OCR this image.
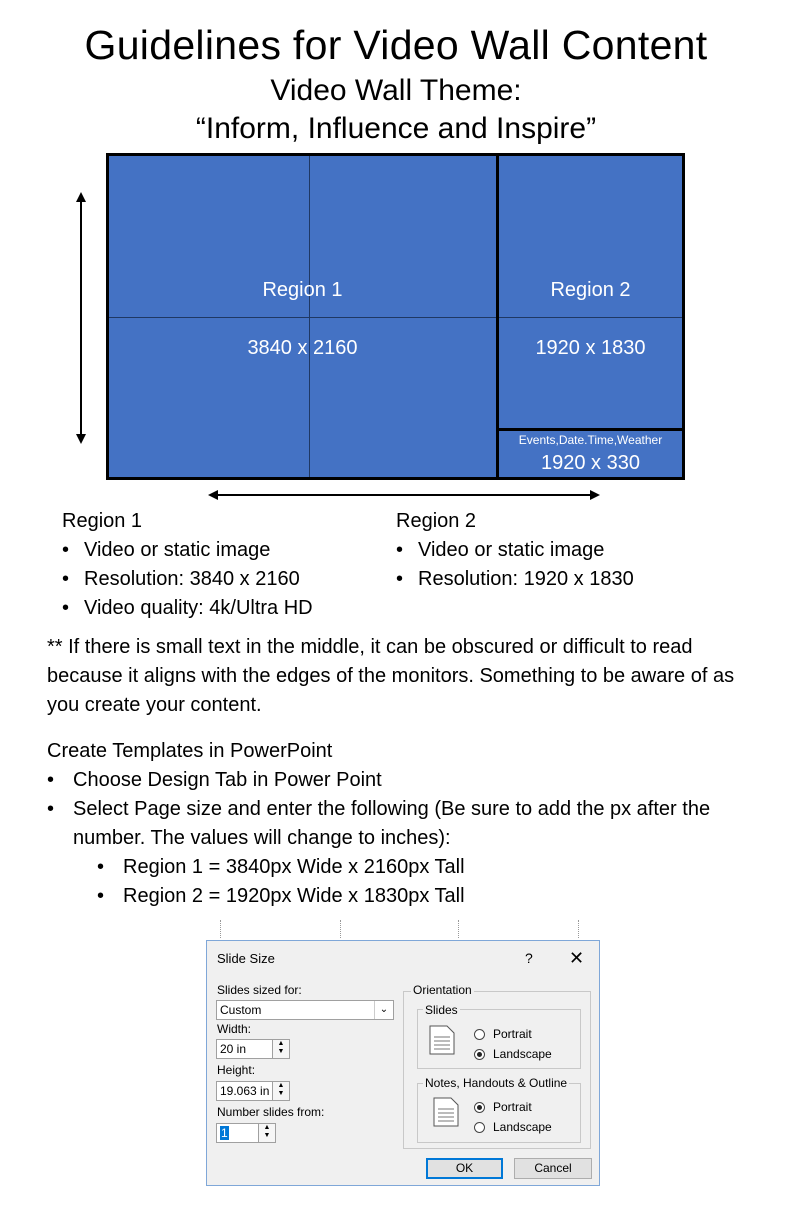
Guidelines for Video Wall Content
Video Wall Theme:
“Inform, Influence and Inspire”
Region 1
3840 x 2160
Region 2
1920 x 1830
Events,Date.Time,Weather
1920 x 330
Region 1
• Video or static image
• Resolution: 3840 x 2160
• Video quality: 4k/Ultra HD
Region 2
• Video or static image
• Resolution: 1920 x 1830
** If there is small text in the middle, it can be obscured or difficult to read because it aligns with the edges of the monitors. Something to be aware of as you create your content.
Create Templates in PowerPoint
• Choose Design Tab in Power Point
• Select Page size and enter the following (Be sure to add the px after the number. The values will change to inches):
• Region 1 = 3840px Wide x 2160px Tall
• Region 2 = 1920px Wide x 1830px Tall
Slide Size	? ✕
Slides sized for:
Custom	⌄
Width:
20 in	▲
▼
Height:
19.063 in	▲
▼
Number slides from:
1	▲
▼
Orientation
Slides
Portrait
Landscape
Notes, Handouts & Outline
Portrait
Landscape
OK	Cancel
